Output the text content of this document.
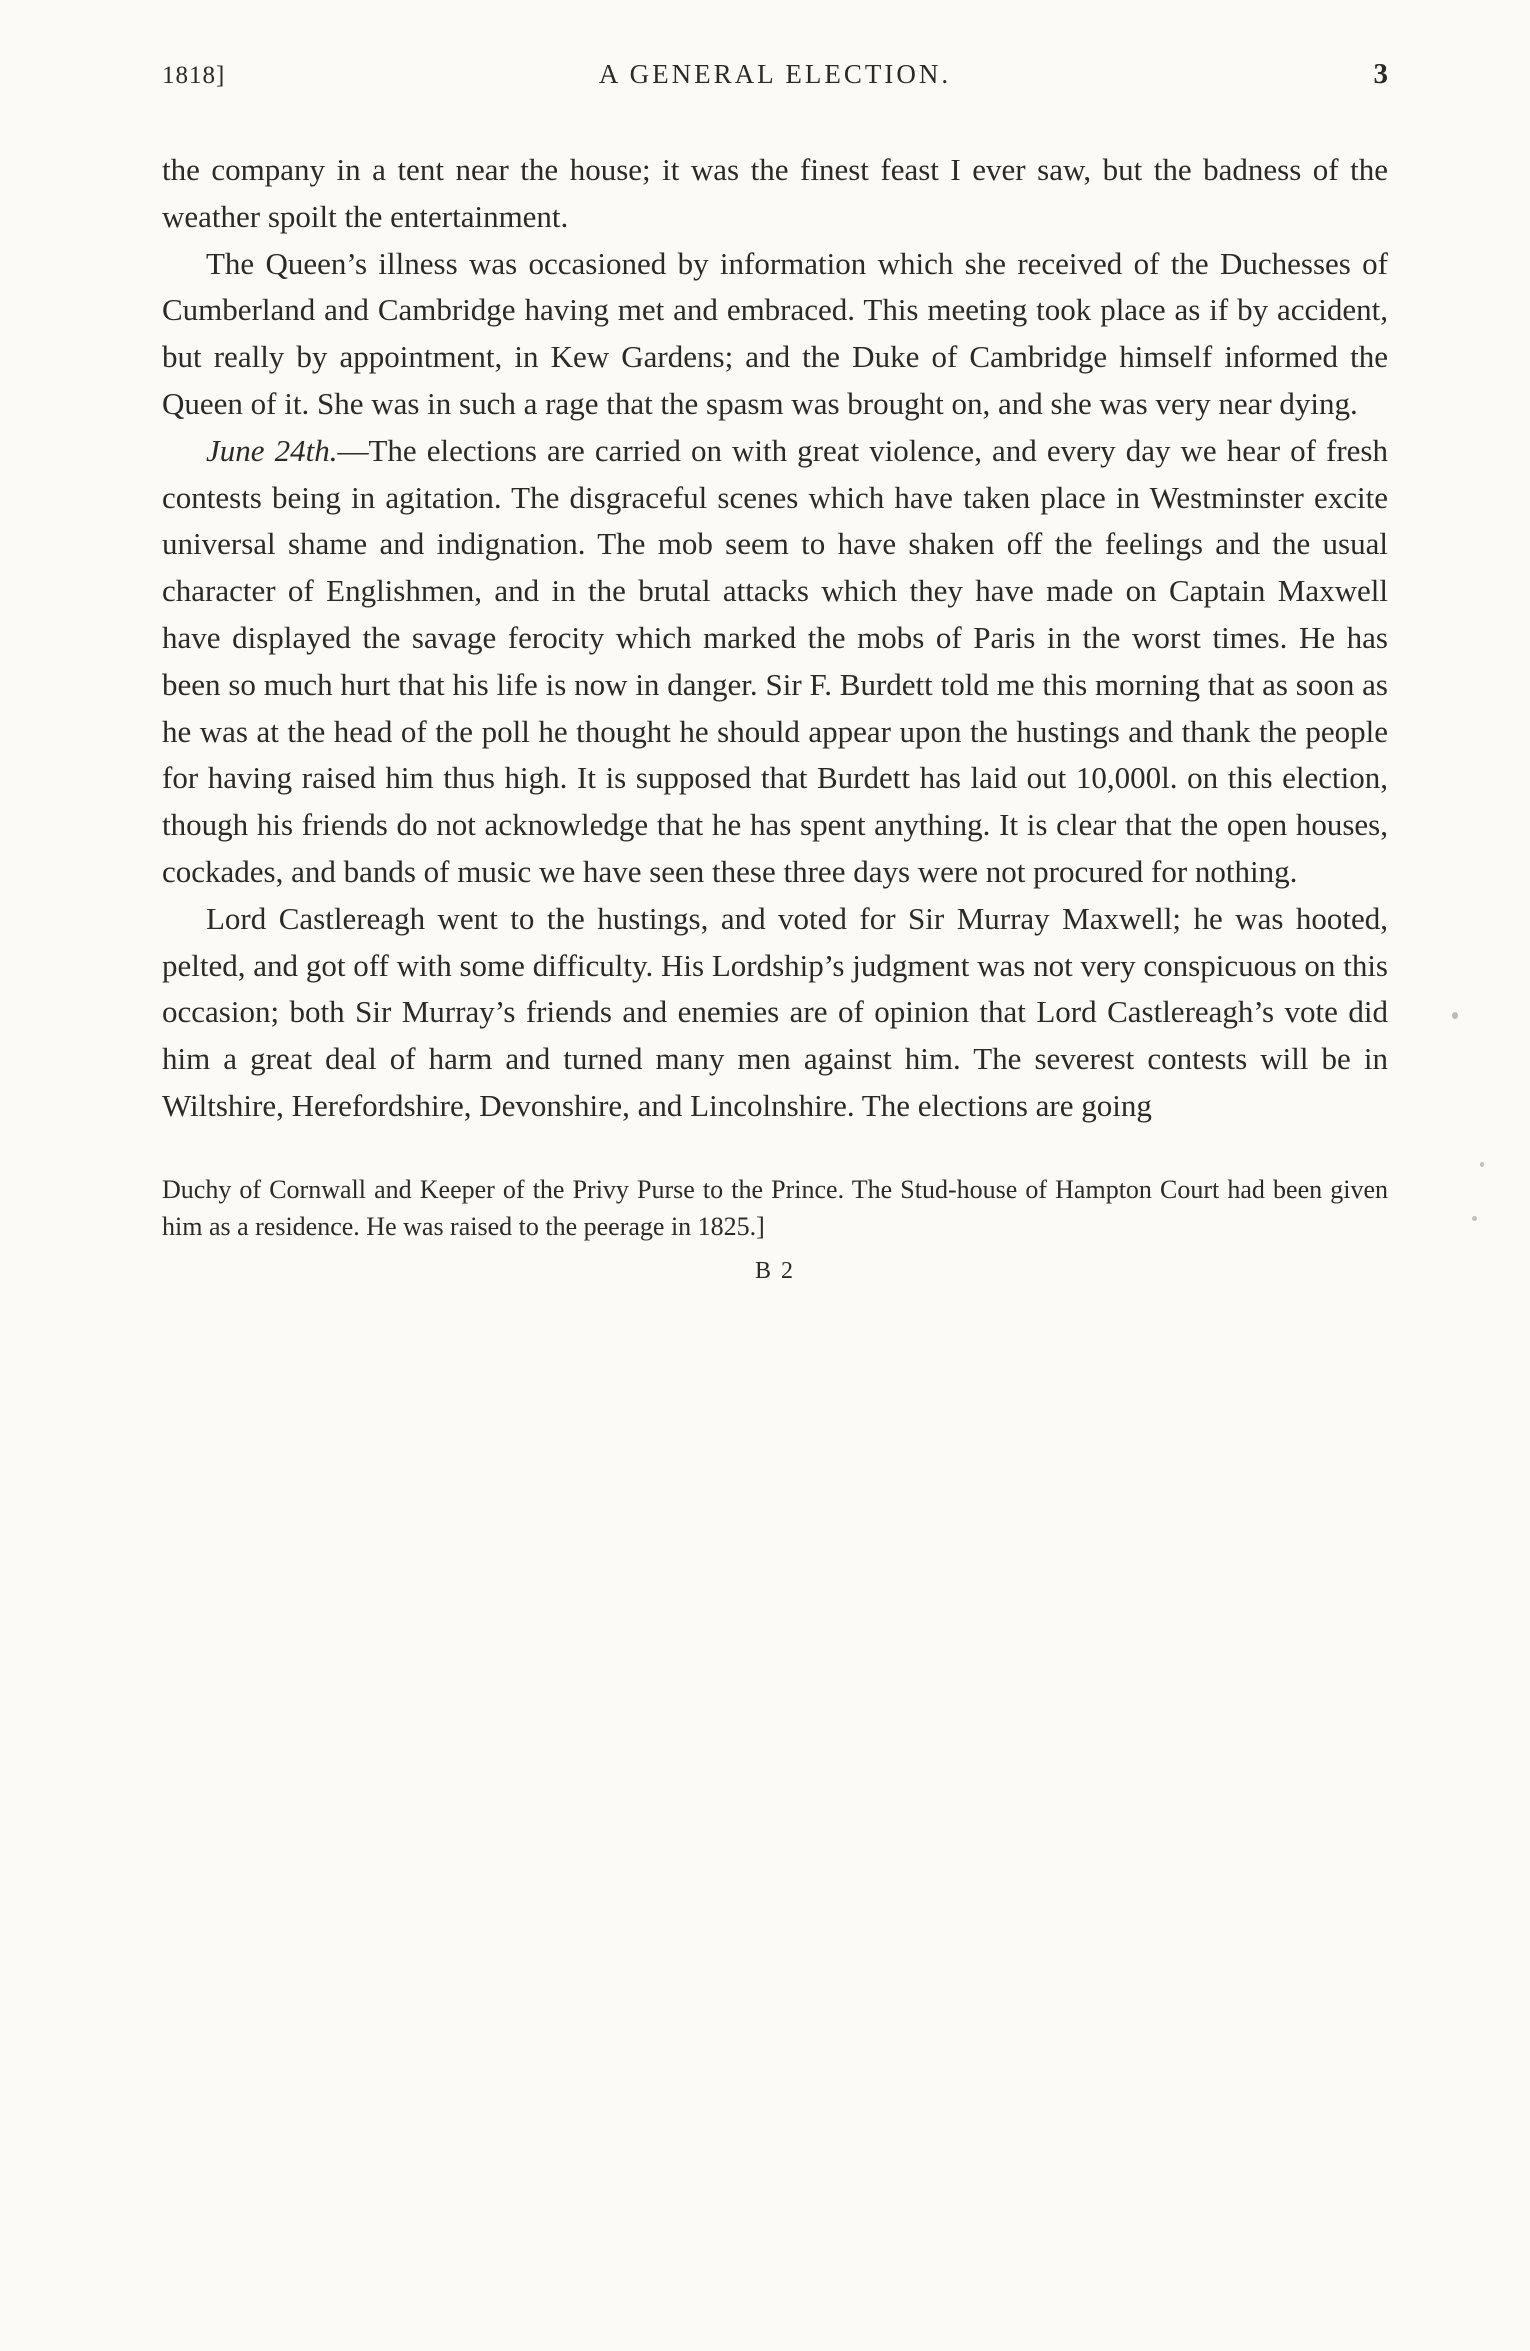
1818]	A GENERAL ELECTION.	3

the company in a tent near the house; it was the finest feast I ever saw, but the badness of the weather spoilt the entertainment.

The Queen’s illness was occasioned by information which she received of the Duchesses of Cumberland and Cambridge having met and embraced. This meeting took place as if by accident, but really by appointment, in Kew Gardens; and the Duke of Cambridge himself informed the Queen of it. She was in such a rage that the spasm was brought on, and she was very near dying.

June 24th.—The elections are carried on with great violence, and every day we hear of fresh contests being in agitation. The disgraceful scenes which have taken place in Westminster excite universal shame and indignation. The mob seem to have shaken off the feelings and the usual character of Englishmen, and in the brutal attacks which they have made on Captain Maxwell have displayed the savage ferocity which marked the mobs of Paris in the worst times. He has been so much hurt that his life is now in danger. Sir F. Burdett told me this morning that as soon as he was at the head of the poll he thought he should appear upon the hustings and thank the people for having raised him thus high. It is supposed that Burdett has laid out 10,000l. on this election, though his friends do not acknowledge that he has spent anything. It is clear that the open houses, cockades, and bands of music we have seen these three days were not procured for nothing.

Lord Castlereagh went to the hustings, and voted for Sir Murray Maxwell; he was hooted, pelted, and got off with some difficulty. His Lordship’s judgment was not very conspicuous on this occasion; both Sir Murray’s friends and enemies are of opinion that Lord Castlereagh’s vote did him a great deal of harm and turned many men against him. The severest contests will be in Wiltshire, Herefordshire, Devonshire, and Lincolnshire. The elections are going

Duchy of Cornwall and Keeper of the Privy Purse to the Prince. The Stud-house of Hampton Court had been given him as a residence. He was raised to the peerage in 1825.]
B 2
